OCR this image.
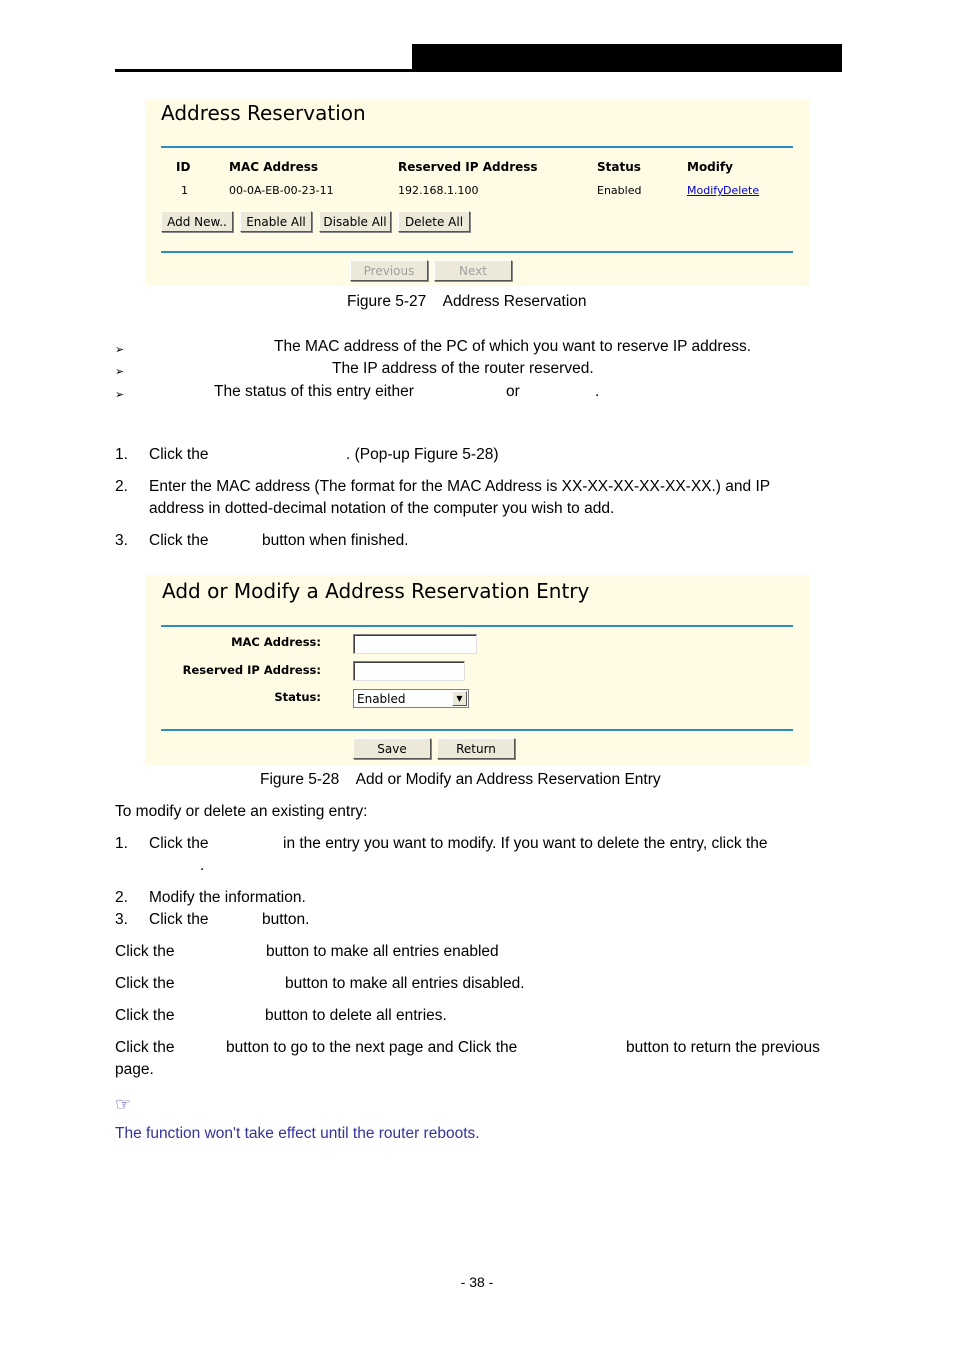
Address Reservation
ID	MAC Address	Reserved IP Address	Status	Modify
1	00-0A-EB-00-23-11	192.168.1.100	Enabled	Modify Delete
Add New..	Enable All	Disable All	Delete All
Previous	Next
Figure 5-27    Address Reservation
➢	The MAC address of the PC of which you want to reserve IP address.
➢	The IP address of the router reserved.
➢	The status of this entry either	or	.
1. Click the	. (Pop-up Figure 5-28)
2. Enter the MAC address (The format for the MAC Address is XX-XX-XX-XX-XX-XX.) and IP
address in dotted-decimal notation of the computer you wish to add.
3. Click the	button when finished.
Add or Modify a Address Reservation Entry
MAC Address:
Reserved IP Address:
Status:	Enabled	▼
Save	Return
Figure 5-28    Add or Modify an Address Reservation Entry
To modify or delete an existing entry:
1. Click the	in the entry you want to modify. If you want to delete the entry, click the
.
2. Modify the information.
3. Click the	button.
Click the	button to make all entries enabled
Click the	button to make all entries disabled.
Click the	button to delete all entries.
Click the	button to go to the next page and Click the	button to return the previous
page.
☞
The function won't take effect until the router reboots.
- 38 -
